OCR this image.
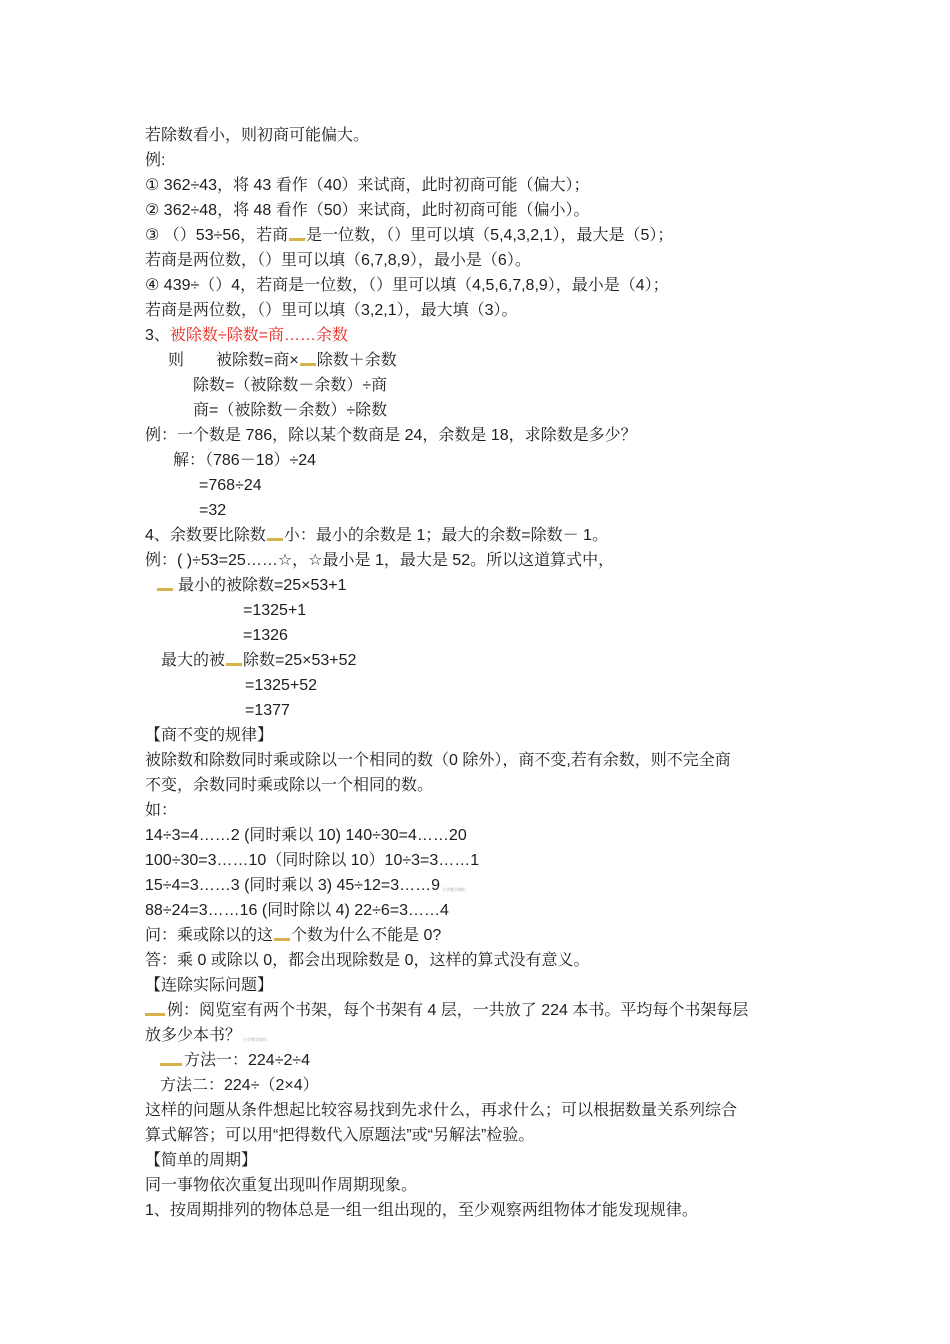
若除数看小，则初商可能偏大。
例:
① 362÷43，将 43 看作（40）来试商，此时初商可能（偏大）；
② 362÷48，将 48 看作（50）来试商，此时初商可能（偏小）。
③ （）53÷56，若商 是一位数，（）里可以填（5,4,3,2,1），最大是（5）；
若商是两位数，（）里可以填（6,7,8,9），最小是（6）。
④ 439÷（）4，若商是一位数，（）里可以填（4,5,6,7,8,9），最小是（4）；
若商是两位数，（）里可以填（3,2,1），最大填（3）。
3、被除数÷除数=商……余数
则　　被除数=商× 除数＋余数
除数=（被除数－余数）÷商
商=（被除数－余数）÷除数
例：一个数是 786，除以某个数商是 24，余数是 18，求除数是多少？
解：（786－18）÷24
=768÷24
=32
4、余数要比除数 小：最小的余数是 1；最大的余数=除数－ 1。
例：( )÷53=25……☆，☆最小是 1，最大是 52。所以这道算式中，
最小的被除数=25×53+1
=1325+1
=1326
最大的被 除数=25×53+52
=1325+52
=1377
【商不变的规律】
被除数和除数同时乘或除以一个相同的数（0 除外），商不变,若有余数，则不完全商
不变，余数同时乘或除以一个相同的数。
如：
14÷3=4……2 (同时乘以 10) 140÷30=4……20
100÷30=3……10（同时除以 10）10÷3=3……1
15÷4=3……3 (同时乘以 3) 45÷12=3……9 小学数学知识
88÷24=3……16 (同时除以 4) 22÷6=3……4
问：乘或除以的这 个数为什么不能是 0?
答：乘 0 或除以 0，都会出现除数是 0，这样的算式没有意义。
【连除实际问题】
例：阅览室有两个书架，每个书架有 4 层，一共放了 224 本书。平均每个书架每层
放多少本书？ 小学数学知识
方法一：224÷2÷4
方法二：224÷（2×4）
这样的问题从条件想起比较容易找到先求什么，再求什么；可以根据数量关系列综合
算式解答；可以用“把得数代入原题法”或“另解法”检验。
【简单的周期】
同一事物依次重复出现叫作周期现象。
1、按周期排列的物体总是一组一组出现的，至少观察两组物体才能发现规律。
